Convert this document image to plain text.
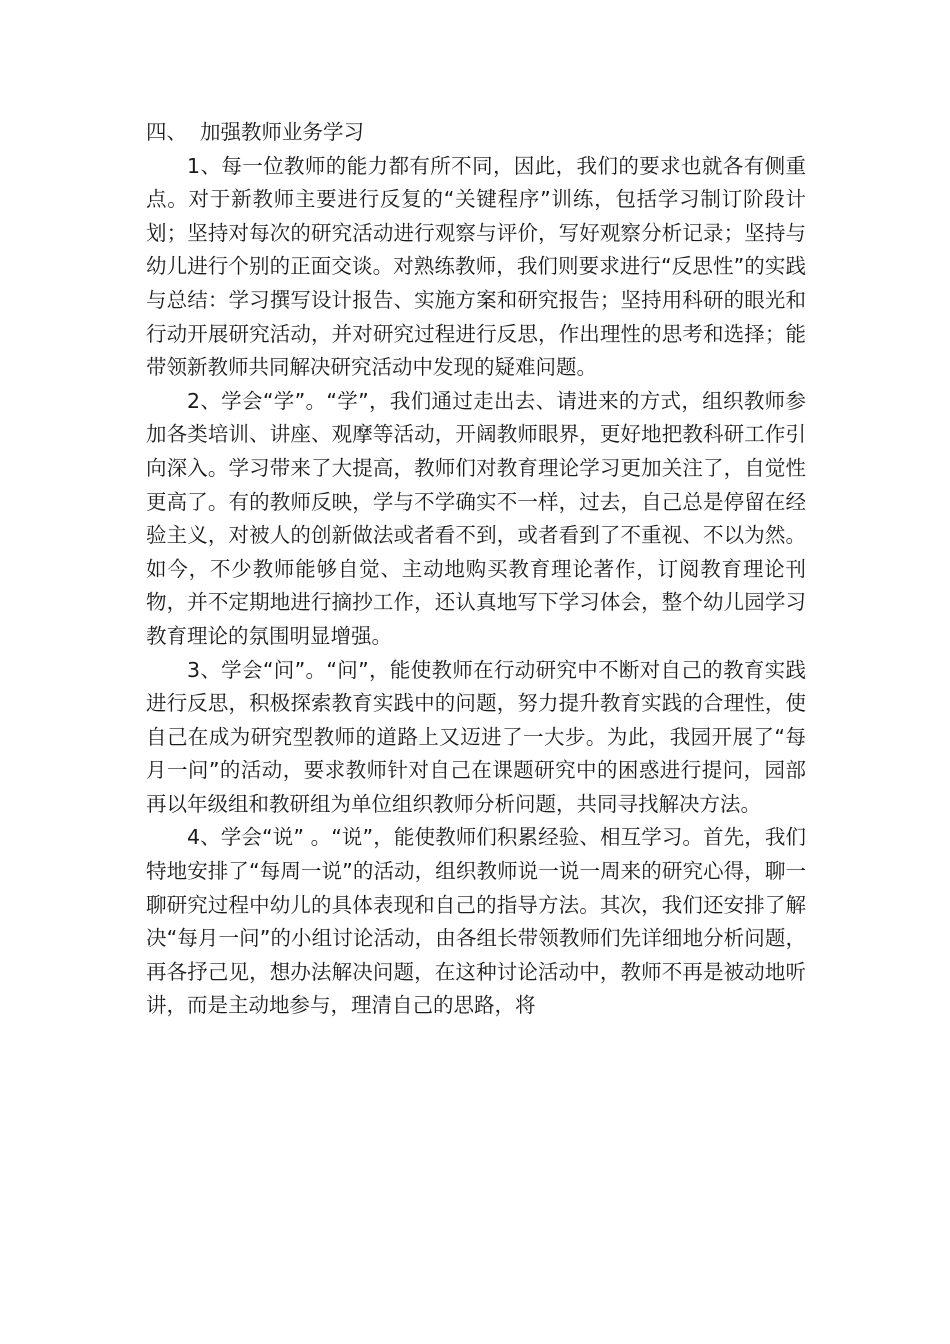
四、  加强教师业务学习

1、每一位教师的能力都有所不同，因此，我们的要求也就各有侧重点。对于新教师主要进行反复的“关键程序”训练，包括学习制订阶段计划；坚持对每次的研究活动进行观察与评价，写好观察分析记录；坚持与幼儿进行个别的正面交谈。对熟练教师，我们则要求进行“反思性”的实践与总结：学习撰写设计报告、实施方案和研究报告；坚持用科研的眼光和行动开展研究活动，并对研究过程进行反思，作出理性的思考和选择；能带领新教师共同解决研究活动中发现的疑难问题。

2、学会“学”。“学”，我们通过走出去、请进来的方式，组织教师参加各类培训、讲座、观摩等活动，开阔教师眼界，更好地把教科研工作引向深入。学习带来了大提高，教师们对教育理论学习更加关注了，自觉性更高了。有的教师反映，学与不学确实不一样，过去，自己总是停留在经验主义，对被人的创新做法或者看不到，或者看到了不重视、不以为然。如今，不少教师能够自觉、主动地购买教育理论著作，订阅教育理论刊物，并不定期地进行摘抄工作，还认真地写下学习体会，整个幼儿园学习教育理论的氛围明显增强。

3、学会“问”。“问”，能使教师在行动研究中不断对自己的教育实践进行反思，积极探索教育实践中的问题，努力提升教育实践的合理性，使自己在成为研究型教师的道路上又迈进了一大步。为此，我园开展了“每月一问”的活动，要求教师针对自己在课题研究中的困惑进行提问，园部再以年级组和教研组为单位组织教师分析问题，共同寻找解决方法。

4、学会“说” 。“说”，能使教师们积累经验、相互学习。首先，我们特地安排了“每周一说”的活动，组织教师说一说一周来的研究心得，聊一聊研究过程中幼儿的具体表现和自己的指导方法。其次，我们还安排了解决“每月一问”的小组讨论活动，由各组长带领教师们先详细地分析问题，再各抒己见，想办法解决问题，在这种讨论活动中，教师不再是被动地听讲，而是主动地参与，理清自己的思路，将
